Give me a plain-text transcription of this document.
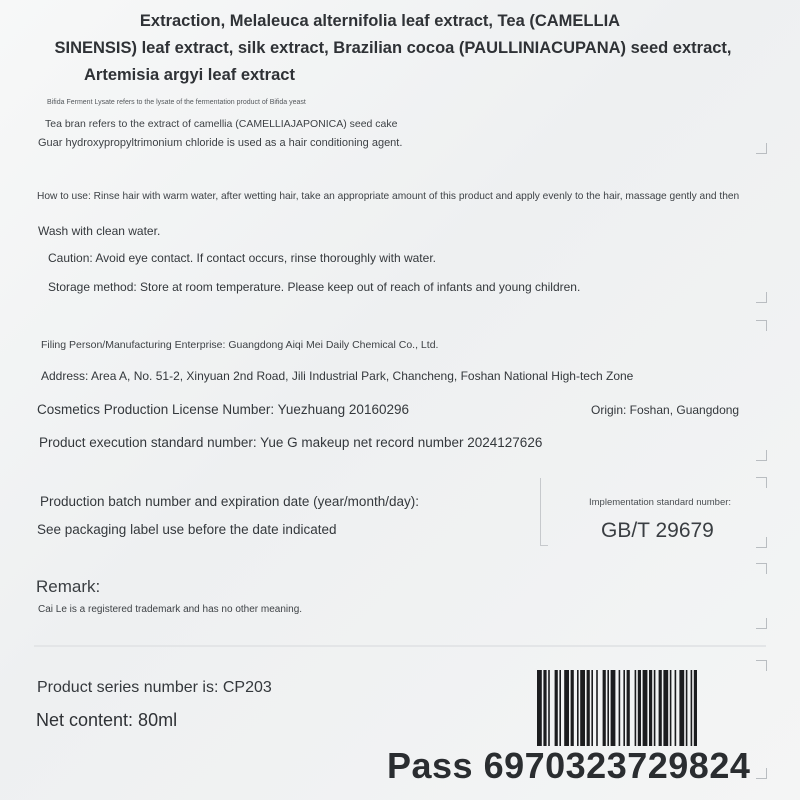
Extraction, Melaleuca alternifolia leaf extract, Tea (CAMELLIA
SINENSIS) leaf extract, silk extract, Brazilian cocoa (PAULLINIACUPANA) seed extract,
Artemisia argyi leaf extract
Bifida Ferment Lysate refers to the lysate of the fermentation product of Bifida yeast
Tea bran refers to the extract of camellia (CAMELLIAJAPONICA) seed cake
Guar hydroxypropyltrimonium chloride is used as a hair conditioning agent.
How to use: Rinse hair with warm water, after wetting hair, take an appropriate amount of this product and apply evenly to the hair, massage gently and then
Wash with clean water.
Caution: Avoid eye contact. If contact occurs, rinse thoroughly with water.
Storage method: Store at room temperature. Please keep out of reach of infants and young children.
Filing Person/Manufacturing Enterprise: Guangdong Aiqi Mei Daily Chemical Co., Ltd.
Address: Area A, No. 51-2, Xinyuan 2nd Road, Jili Industrial Park, Chancheng, Foshan National High-tech Zone
Cosmetics Production License Number: Yuezhuang 20160296	Origin: Foshan, Guangdong
Product execution standard number: Yue G makeup net record number 2024127626
Production batch number and expiration date (year/month/day):
See packaging label use before the date indicated
Implementation standard number:
GB/T 29679
Remark:
Cai Le is a registered trademark and has no other meaning.
Product series number is: CP203
Net content: 80ml
Pass 6970323729824
